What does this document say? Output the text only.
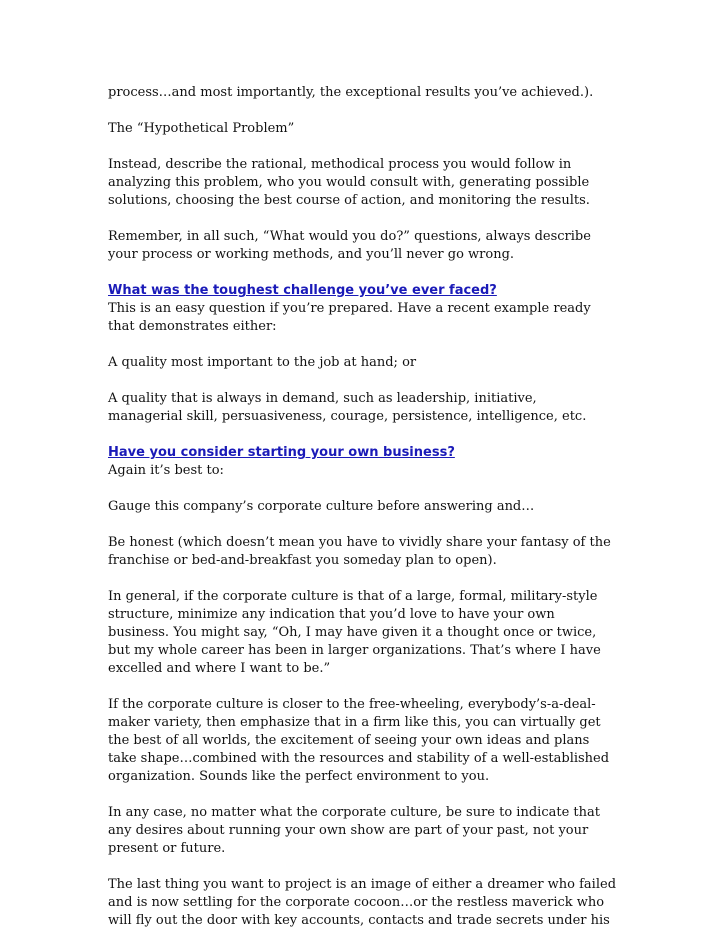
process…and most importantly, the exceptional results you’ve achieved.).

The “Hypothetical Problem”

Instead, describe the rational, methodical process you would follow in
analyzing this problem, who you would consult with, generating possible
solutions, choosing the best course of action, and monitoring the results.

Remember, in all such, “What would you do?” questions, always describe
your process or working methods, and you’ll never go wrong.

What was the toughest challenge you’ve ever faced?

This is an easy question if you’re prepared. Have a recent example ready
that demonstrates either:

A quality most important to the job at hand; or

A quality that is always in demand, such as leadership, initiative,
managerial skill, persuasiveness, courage, persistence, intelligence, etc.

Have you consider starting your own business?

Again it’s best to:

Gauge this company’s corporate culture before answering and…

Be honest (which doesn’t mean you have to vividly share your fantasy of the
franchise or bed-and-breakfast you someday plan to open).

In general, if the corporate culture is that of a large, formal, military-style
structure, minimize any indication that you’d love to have your own
business. You might say, “Oh, I may have given it a thought once or twice,
but my whole career has been in larger organizations. That’s where I have
excelled and where I want to be.”

If the corporate culture is closer to the free-wheeling, everybody’s-a-deal-
maker variety, then emphasize that in a firm like this, you can virtually get
the best of all worlds, the excitement of seeing your own ideas and plans
take shape…combined with the resources and stability of a well-established
organization. Sounds like the perfect environment to you.

In any case, no matter what the corporate culture, be sure to indicate that
any desires about running your own show are part of your past, not your
present or future.

The last thing you want to project is an image of either a dreamer who failed
and is now settling for the corporate cocoon…or the restless maverick who
will fly out the door with key accounts, contacts and trade secrets under his
